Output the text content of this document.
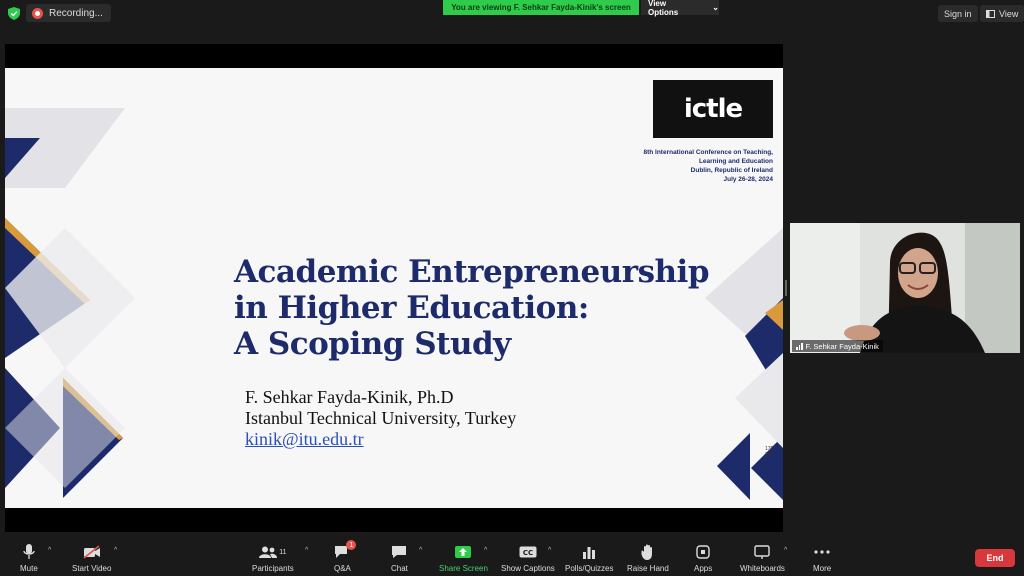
Recording...	You are viewing F. Sehkar Fayda-Kinik's screen	View Options	⌄
Sign in	View
ictle
8th International Conference on Teaching,
Learning and Education
Dublin, Republic of Ireland
July 26-28, 2024
Academic Entrepreneurship
in Higher Education:
A Scoping Study
F. Sehkar Fayda-Kinik, Ph.D
Istanbul Technical University, Turkey
kinik@itu.edu.tr	1753
399
F. Sehkar Fayda-Kinik
Mute
^
Start Video
^	11
Participants
^
1
Q&A	Chat
^
Share Screen
^	CC
Show Captions
^
Polls/Quizzes Raise Hand	Apps	Whiteboards
^
More
End
